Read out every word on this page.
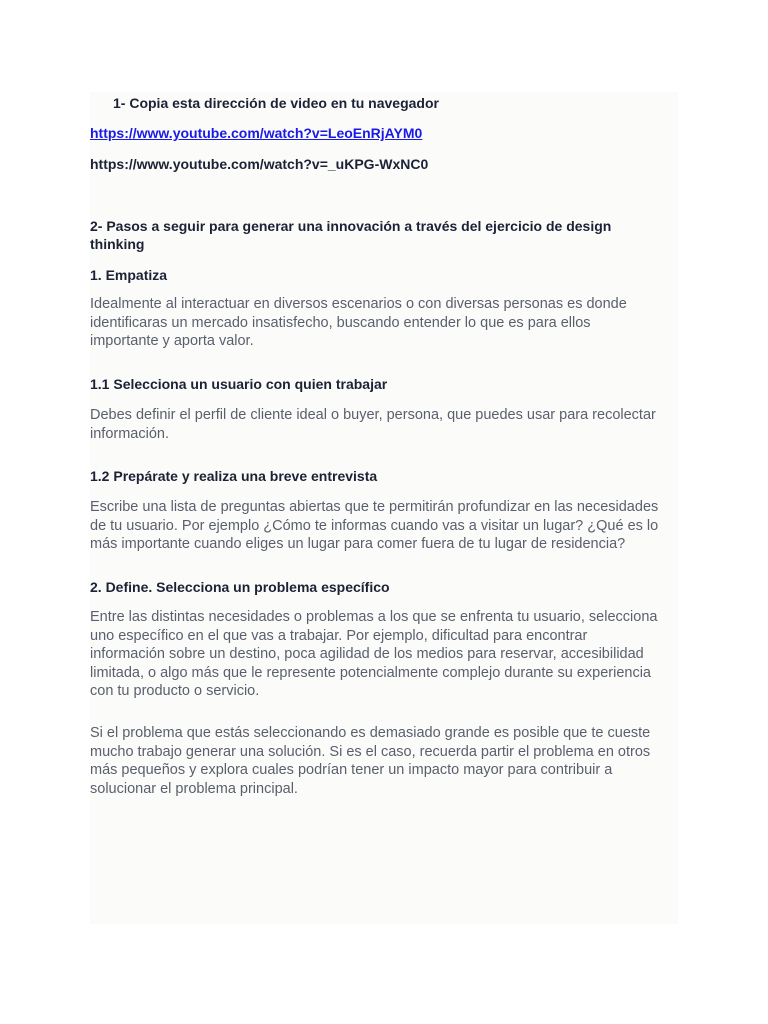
1- Copia esta dirección de video en tu navegador

https://www.youtube.com/watch?v=LeoEnRjAYM0

https://www.youtube.com/watch?v=_uKPG-WxNC0

2- Pasos a seguir para generar una innovación a través del ejercicio de design
thinking

1. Empatiza

Idealmente al interactuar en diversos escenarios o con diversas personas es donde
identificaras un mercado insatisfecho, buscando entender lo que es para ellos
importante y aporta valor.

1.1 Selecciona un usuario con quien trabajar

Debes definir el perfil de cliente ideal o buyer, persona, que puedes usar para recolectar
información.

1.2 Prepárate y realiza una breve entrevista

Escribe una lista de preguntas abiertas que te permitirán profundizar en las necesidades
de tu usuario. Por ejemplo ¿Cómo te informas cuando vas a visitar un lugar? ¿Qué es lo
más importante cuando eliges un lugar para comer fuera de tu lugar de residencia?

2. Define. Selecciona un problema específico

Entre las distintas necesidades o problemas a los que se enfrenta tu usuario, selecciona
uno específico en el que vas a trabajar. Por ejemplo, dificultad para encontrar
información sobre un destino, poca agilidad de los medios para reservar, accesibilidad
limitada, o algo más que le represente potencialmente complejo durante su experiencia
con tu producto o servicio.

Si el problema que estás seleccionando es demasiado grande es posible que te cueste
mucho trabajo generar una solución. Si es el caso, recuerda partir el problema en otros
más pequeños y explora cuales podrían tener un impacto mayor para contribuir a
solucionar el problema principal.
